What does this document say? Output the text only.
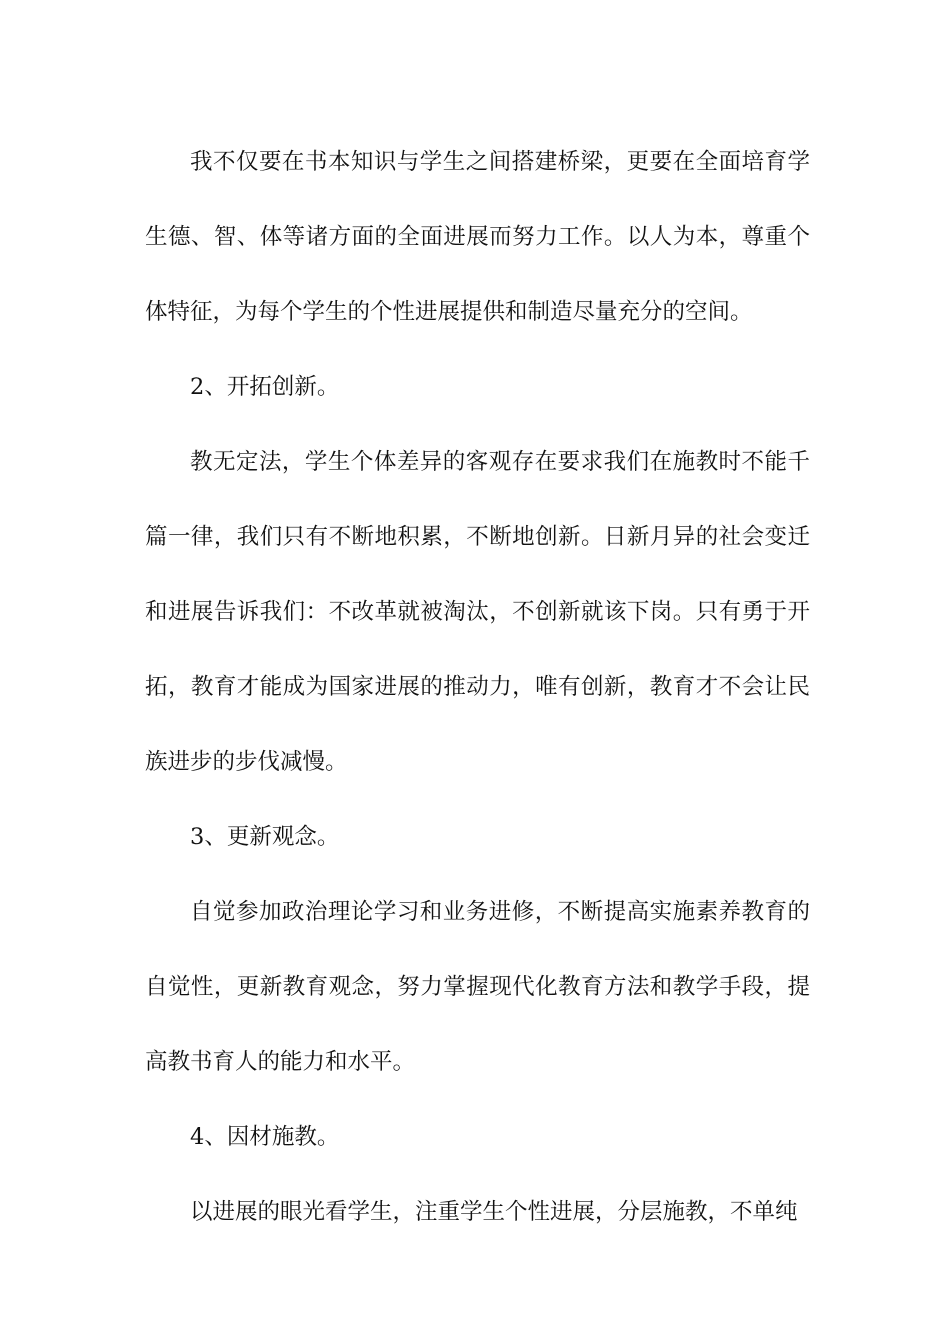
我不仅要在书本知识与学生之间搭建桥梁，更要在全面培育学生德、智、体等诸方面的全面进展而努力工作。以人为本，尊重个体特征，为每个学生的个性进展提供和制造尽量充分的空间。

2、开拓创新。

教无定法，学生个体差异的客观存在要求我们在施教时不能千篇一律，我们只有不断地积累，不断地创新。日新月异的社会变迁和进展告诉我们：不改革就被淘汰，不创新就该下岗。只有勇于开拓，教育才能成为国家进展的推动力，唯有创新，教育才不会让民族进步的步伐减慢。

3、更新观念。

自觉参加政治理论学习和业务进修，不断提高实施素养教育的自觉性，更新教育观念，努力掌握现代化教育方法和教学手段，提高教书育人的能力和水平。

4、因材施教。

以进展的眼光看学生，注重学生个性进展，分层施教，不单纯
